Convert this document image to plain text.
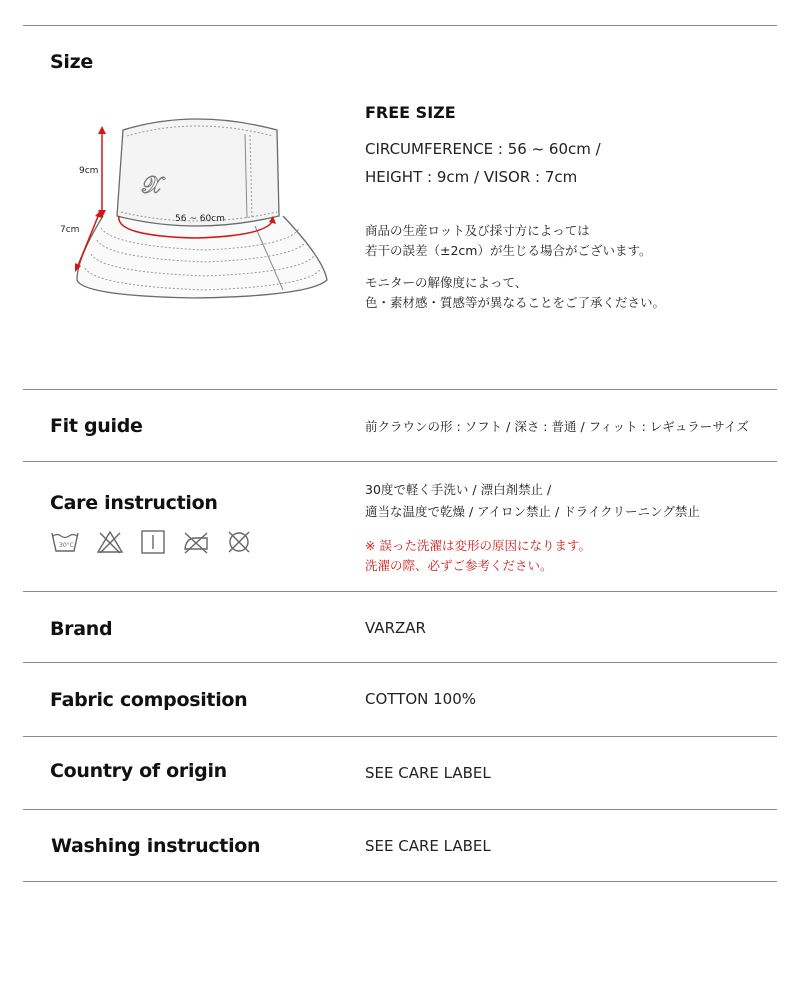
Size
𝒳
56 ~ 60cm
9cm
7cm
FREE SIZE
CIRCUMFERENCE : 56 ~ 60cm /
HEIGHT : 9cm / VISOR : 7cm
商品の生産ロット及び採寸方によっては
若干の誤差（±2cm）が生じる場合がございます。
モニターの解像度によって、
色・素材感・質感等が異なることをご了承ください。
Fit guide	前クラウンの形 : ソフト / 深さ : 普通 / フィット : レギュラーサイズ
Care instruction
30度で軽く手洗い / 漂白剤禁止 /
適当な温度で乾燥 / アイロン禁止 / ドライクリーニング禁止
※ 誤った洗濯は変形の原因になります。
洗濯の際、必ずご参考ください。
30°C
Brand	VARZAR
Fabric composition	COTTON 100%
Country of origin	SEE CARE LABEL
Washing instruction	SEE CARE LABEL
